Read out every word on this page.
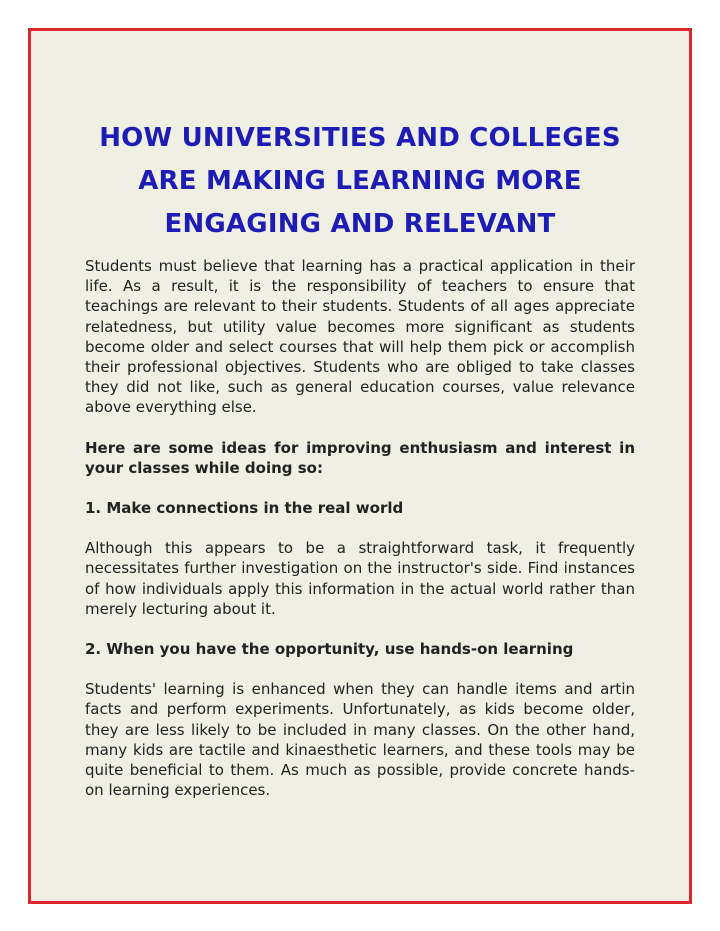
HOW UNIVERSITIES AND COLLEGES ARE MAKING LEARNING MORE ENGAGING AND RELEVANT

Students must believe that learning has a practical application in their life. As a result, it is the responsibility of teachers to ensure that teachings are relevant to their students. Students of all ages appreciate relatedness, but utility value becomes more significant as students become older and select courses that will help them pick or accomplish their professional objectives. Students who are obliged to take classes they did not like, such as general education courses, value relevance above everything else.

Here are some ideas for improving enthusiasm and interest in your classes while doing so:

1. Make connections in the real world

Although this appears to be a straightforward task, it frequently necessitates further investigation on the instructor's side. Find instances of how individuals apply this information in the actual world rather than merely lecturing about it.

2. When you have the opportunity, use hands-on learning

Students' learning is enhanced when they can handle items and artin facts and perform experiments. Unfortunately, as kids become older, they are less likely to be included in many classes. On the other hand, many kids are tactile and kinaesthetic learners, and these tools may be quite beneficial to them. As much as possible, provide concrete hands-on learning experiences.
